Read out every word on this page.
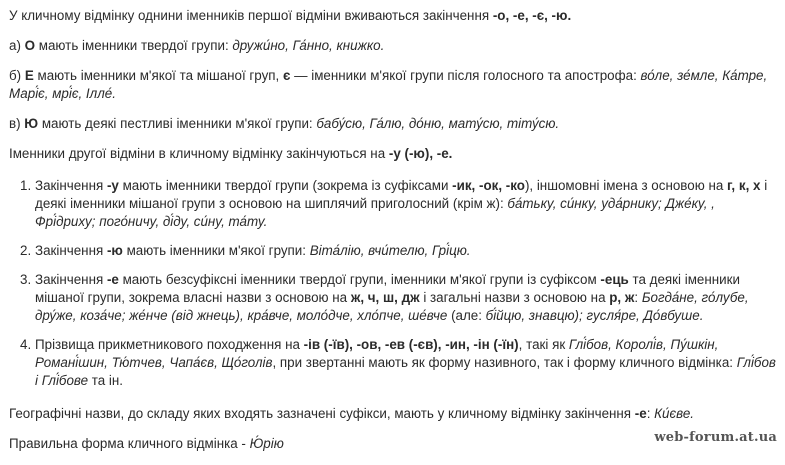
У кличному відмінку однини іменників першої відміни вживаються закінчення -о, -е, -є, -ю.

а) О мають іменники твердої групи: дружи́но, Га́нно, книжко.

б) Е мають іменники м'якої та мішаної груп, є — іменники м'якої групи після голосного та апострофа: во́ле, зе́мле, Ка́тре, Марі́є, мрі́є, Ілле́.

в) Ю мають деякі пестливі іменники м'якої групи: бабу́сю, Га́лю, до́ню, мату́сю, тіту́сю.

Іменники другої відміни в кличному відмінку закінчуються на -у (-ю), -е.

1. Закінчення -у мають іменники твердої групи (зокрема із суфіксами -ик, -ок, -ко), іншомовні імена з основою на г, к, х і деякі іменники мішаної групи з основою на шиплячий приголосний (крім ж): ба́тьку, си́нку, уда́рнику; Дже́ку, , Фрі́дриху; пого́ничу, ді́ду, си́ну, та́ту.
2. Закінчення -ю мають іменники м'якої групи: Віта́лію, вчи́телю, Грі́цю.
3. Закінчення -е мають безсуфіксні іменники твердої групи, іменники м'якої групи із суфіксом -ець та деякі іменники мішаної групи, зокрема власні назви з основою на ж, ч, ш, дж і загальні назви з основою на р, ж: Богда́не, го́лубе, дру́же, коза́че; же́нче (від жнець), кра́вче, моло́дче, хло́пче, ше́вче (але: бі́йцю, знавцю); гусля́ре, До́вбуше.
4. Прізвища прикметникового походження на -ів (-їв), -ов, -ев (-єв), -ин, -ін (-їн), такі як Глі́бов, Королі́в, Пу́шкін, Романі́шин, Тю́тчев, Чапа́єв, Що́голів, при звертанні мають як форму називного, так і форму кличного відмінка: Глі́бов і Глі́бове та ін.

Географічні назви, до складу яких входять зазначені суфікси, мають у кличному відмінку закінчення -е: Ки́єве.

Правильна форма кличного відмінка - Ю́рію	web-forum.at.ua
